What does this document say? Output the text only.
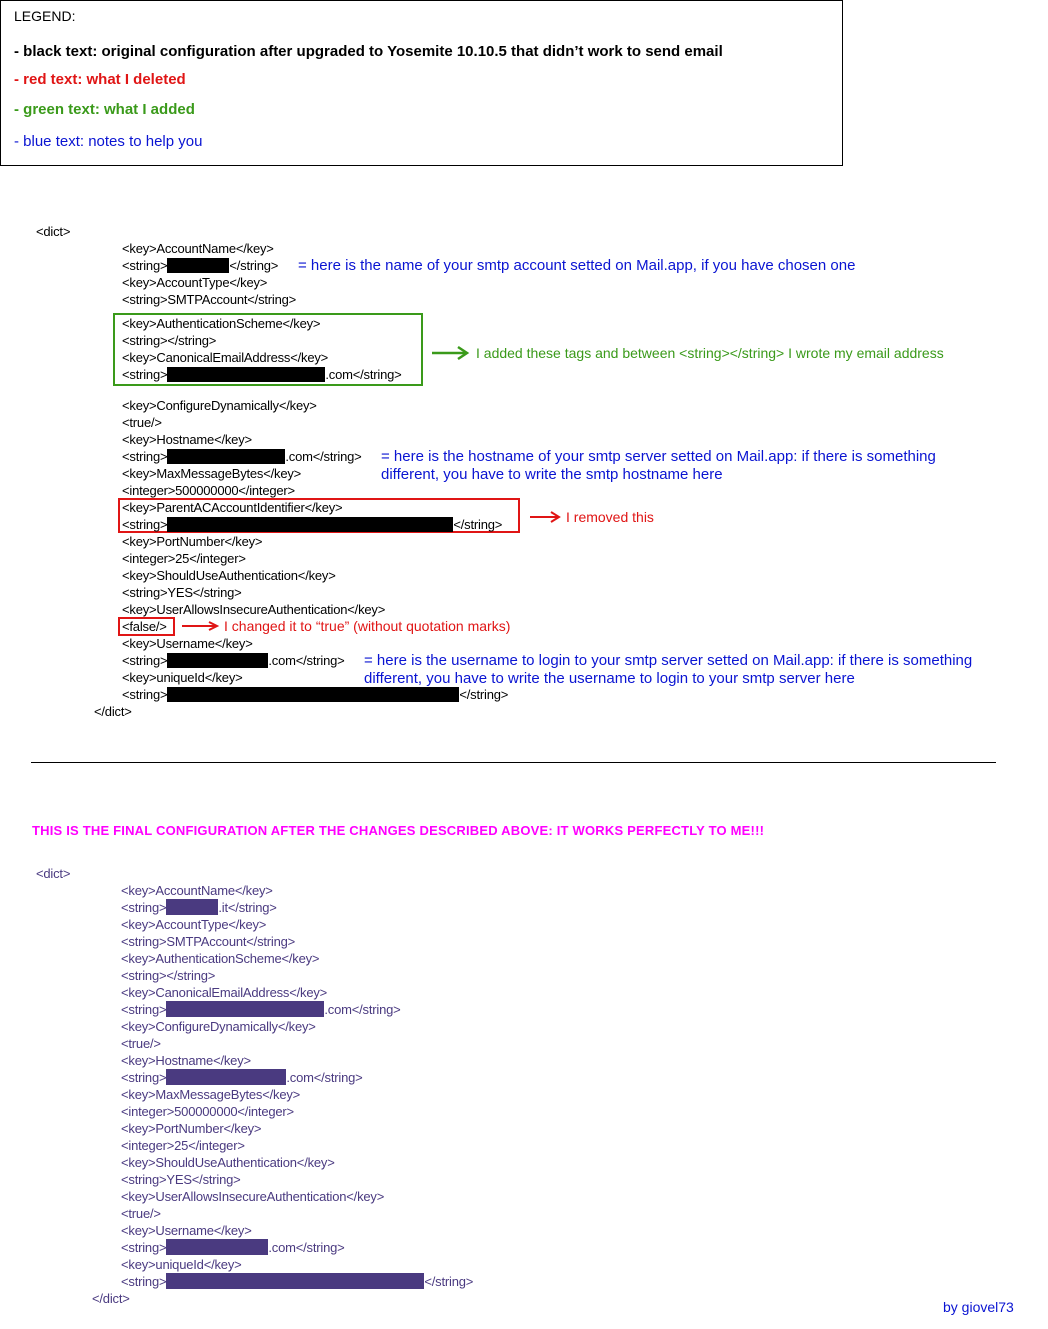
LEGEND:
- black text: original configuration after upgraded to Yosemite 10.10.5 that didn’t work to send email
- red text: what I deleted
- green text: what I added
- blue text: notes to help you
<dict>
<key>AccountName</key>
<string>	</string> = here is the name of your smtp account setted on Mail.app, if you have chosen one
<key>AccountType</key>
<string>SMTPAccount</string>
<key>AuthenticationScheme</key>
<string></string>
<key>CanonicalEmailAddress</key>
<string>	.com</string>
I added these tags and between <string></string> I wrote my email address
<key>ConfigureDynamically</key>
<true/>
<key>Hostname</key>
<string>	.com</string> = here is the hostname of your smtp server setted on Mail.app: if there is something
different, you have to write the smtp hostname here
<key>MaxMessageBytes</key>
<integer>500000000</integer>
<key>ParentACAccountIdentifier</key>
<string>	</string>	I removed this
<key>PortNumber</key>
<integer>25</integer>
<key>ShouldUseAuthentication</key>
<string>YES</string>
<key>UserAllowsInsecureAuthentication</key>
<false/>	I changed it to “true” (without quotation marks)
<key>Username</key>
<string>	.com</string> = here is the username to login to your smtp server setted on Mail.app: if there is something
different, you have to write the username to login to your smtp server here
<key>uniqueId</key>
<string>	</string>
</dict>
THIS IS THE FINAL CONFIGURATION AFTER THE CHANGES DESCRIBED ABOVE: IT WORKS PERFECTLY TO ME!!!
<dict>
<key>AccountName</key>
<string>	.it</string>
<key>AccountType</key>
<string>SMTPAccount</string>
<key>AuthenticationScheme</key>
<string></string>
<key>CanonicalEmailAddress</key>
<string>	.com</string>
<key>ConfigureDynamically</key>
<true/>
<key>Hostname</key>
<string>	.com</string>
<key>MaxMessageBytes</key>
<integer>500000000</integer>
<key>PortNumber</key>
<integer>25</integer>
<key>ShouldUseAuthentication</key>
<string>YES</string>
<key>UserAllowsInsecureAuthentication</key>
<true/>
<key>Username</key>
<string>	.com</string>
<key>uniqueId</key>
<string>	</string>
</dict>
by giovel73
